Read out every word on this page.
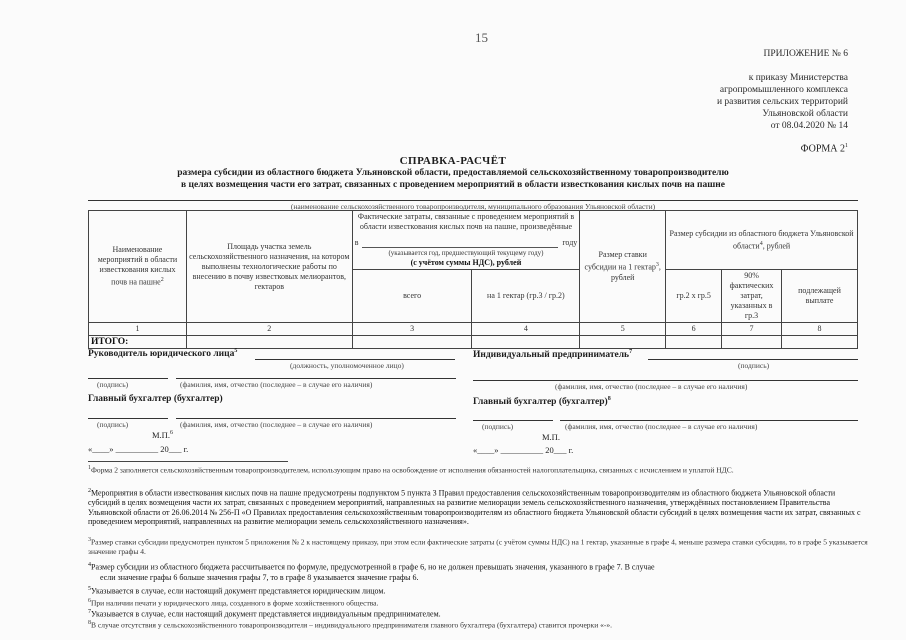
15
ПРИЛОЖЕНИЕ № 6
к приказу Министерства
агропромышленного комплекса
и развития сельских территорий
Ульяновской области
от 08.04.2020 № 14
ФОРМА $2^1$
СПРАВКА-РАСЧЁТ
размера субсидии из областного бюджета Ульяновской области, предоставляемой сельскохозяйственному товаропроизводителю
в целях возмещения части его затрат, связанных с проведением мероприятий в области известкования кислых почв на пашне
(наименование сельскохозяйственного товаропроизводителя, муниципального образования Ульяновской области)
Наименование мероприятий в области известкования кислых почв на пашне$^2$	Площадь участка земель сельскохозяйственного назначения, на котором выполнены технологические работы по внесению в почву известковых мелиорантов, гектаров	Фактические затраты, связанные с проведением мероприятий в области известкования кислых почв на пашне, произведённые
в году
(указывается год, предшествующий текущему году)
(с учётом суммы НДС), рублей		Размер ставки субсидии на 1 гектар$^3$, рублей	Размер субсидии из областного бюджета Ульяновской области$^4$, рублей		
		всего	на 1 гектар (гр.3 / гр.2)		гр.2 х гр.5	90% фактических затрат, указанных в гр.3	подлежащей выплате
1	2	3	4	5	6	7	8
ИТОГО:							
Руководитель юридического лица$^5$
(должность, уполномоченное лицо)
(подпись)	(фамилия, имя, отчество (последнее – в случае его наличия)
Индивидуальный предприниматель$^7$
(подпись)
(фамилия, имя, отчество (последнее – в случае его наличия)
Главный бухгалтер (бухгалтер)
(подпись)	(фамилия, имя, отчество (последнее – в случае его наличия)
М.П.$^6$
«____» __________ 20___ г.
Главный бухгалтер (бухгалтер)$^8$
(подпись)	(фамилия, имя, отчество (последнее – в случае его наличия)
М.П.
«____» __________ 20___ г.
$^1$Форма 2 заполняется сельскохозяйственным товаропроизводителем, использующим право на освобождение от исполнения обязанностей налогоплательщика, связанных с исчислением и уплатой НДС.
$^2$Мероприятия в области известкования кислых почв на пашне предусмотрены подпунктом 5 пункта 3 Правил предоставления сельскохозяйственным товаропроизводителям из областного бюджета Ульяновской области субсидий в целях возмещения части их затрат, связанных с проведением мероприятий, направленных на развитие мелиорации земель сельскохозяйственного назначения, утверждённых постановлением Правительства Ульяновской области от 26.06.2014 № 256-П «О Правилах предоставления сельскохозяйственным товаропроизводителям из областного бюджета Ульяновской области субсидий в целях возмещения части их затрат, связанных с проведением мероприятий, направленных на развитие мелиорации земель сельскохозяйственного назначения».
$^3$Размер ставки субсидии предусмотрен пунктом 5 приложения № 2 к настоящему приказу, при этом если фактические затраты (с учётом суммы НДС) на 1 гектар, указанные в графе 4, меньше размера ставки субсидии, то в графе 5 указывается значение графы 4.
$^4$Размер субсидии из областного бюджета рассчитывается по формуле, предусмотренной в графе 6, но не должен превышать значения, указанного в графе 7. В случае
если значение графы 6 больше значения графы 7, то в графе 8 указывается значение графы 6.
$^5$Указывается в случае, если настоящий документ представляется юридическим лицом.
$^6$При наличии печати у юридического лица, созданного в форме хозяйственного общества.
$^7$Указывается в случае, если настоящий документ представляется индивидуальным предпринимателем.
$^8$В случае отсутствия у сельскохозяйственного товаропроизводителя – индивидуального предпринимателя главного бухгалтера (бухгалтера) ставится прочерки «-».
